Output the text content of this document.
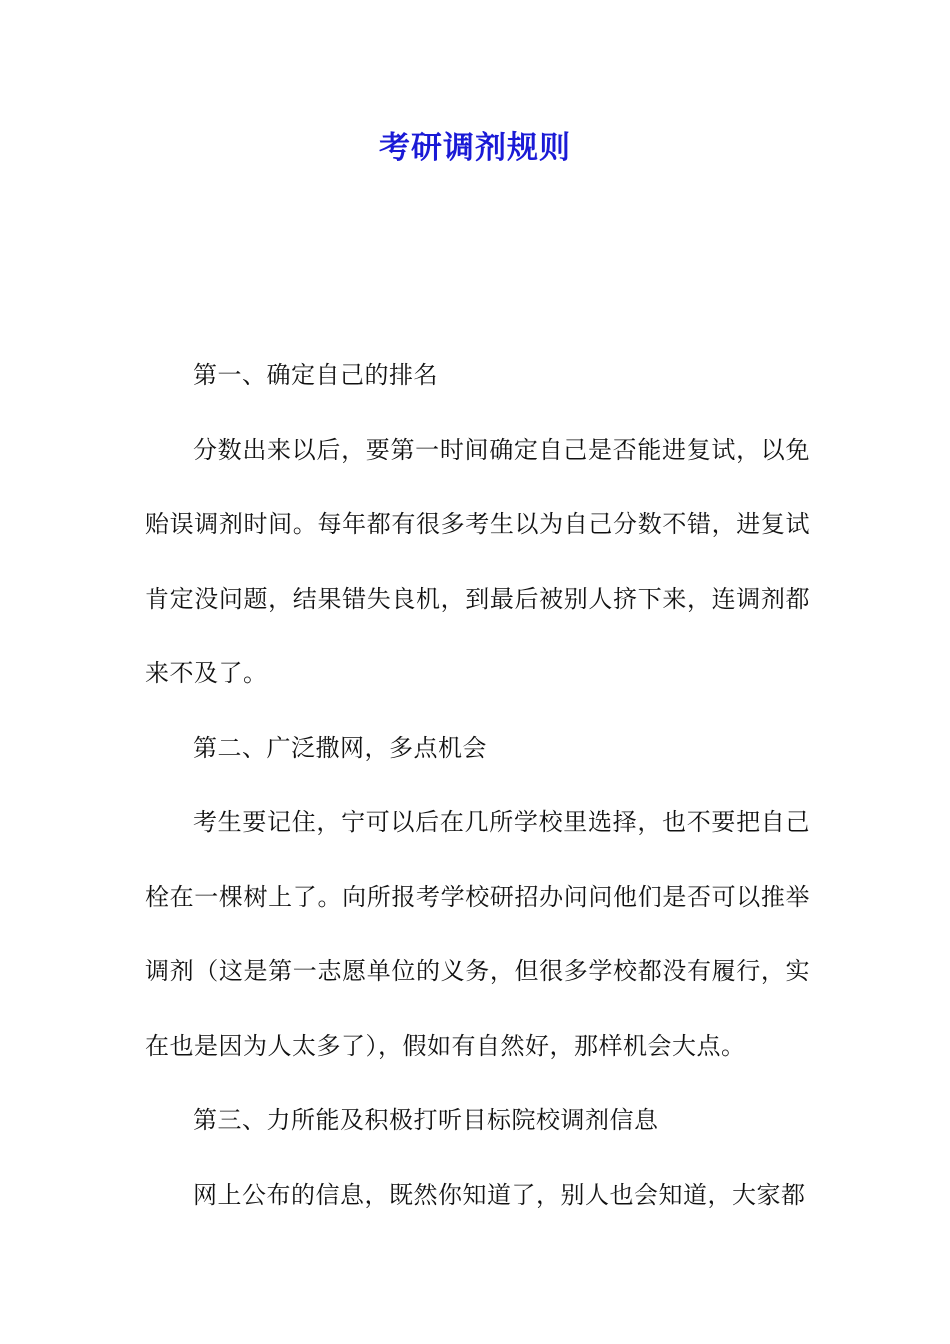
考研调剂规则

第一、确定自己的排名

分数出来以后，要第一时间确定自己是否能进复试，以免贻误调剂时间。每年都有很多考生以为自己分数不错，进复试肯定没问题，结果错失良机，到最后被别人挤下来，连调剂都来不及了。

第二、广泛撒网，多点机会

考生要记住，宁可以后在几所学校里选择，也不要把自己栓在一棵树上了。向所报考学校研招办问问他们是否可以推举调剂（这是第一志愿单位的义务，但很多学校都没有履行，实在也是因为人太多了），假如有自然好，那样机会大点。

第三、力所能及积极打听目标院校调剂信息

网上公布的信息，既然你知道了，别人也会知道，大家都
